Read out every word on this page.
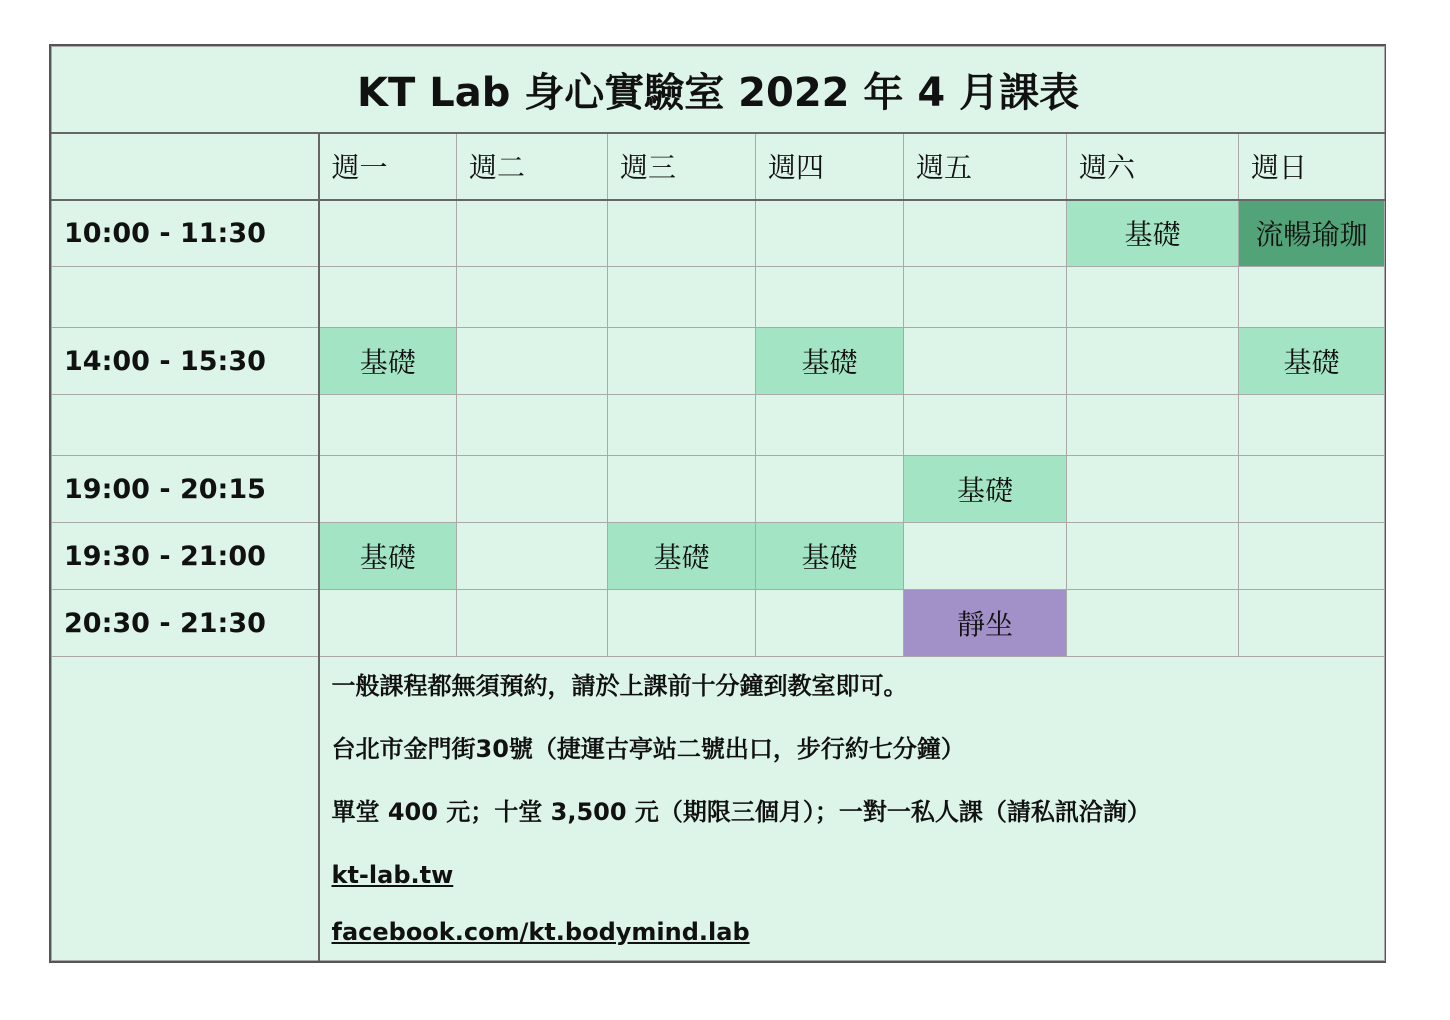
KT Lab 身心實驗室 2022 年 4 月課表							
	週一	週二	週三	週四	週五	週六	週日
10:00 - 11:30						基礎	流暢瑜珈

14:00 - 15:30	基礎			基礎			基礎

19:00 - 20:15					基礎		
19:30 - 21:00	基礎		基礎	基礎			
20:30 - 21:30					靜坐		

	一般課程都無須預約，請於上課前十分鐘到教室即可。
台北市金門街30號（捷運古亭站二號出口，步行約七分鐘）
單堂 400 元；十堂 3,500 元（期限三個月）；一對一私人課（請私訊洽詢）
kt-lab.tw
facebook.com/kt.bodymind.lab						
